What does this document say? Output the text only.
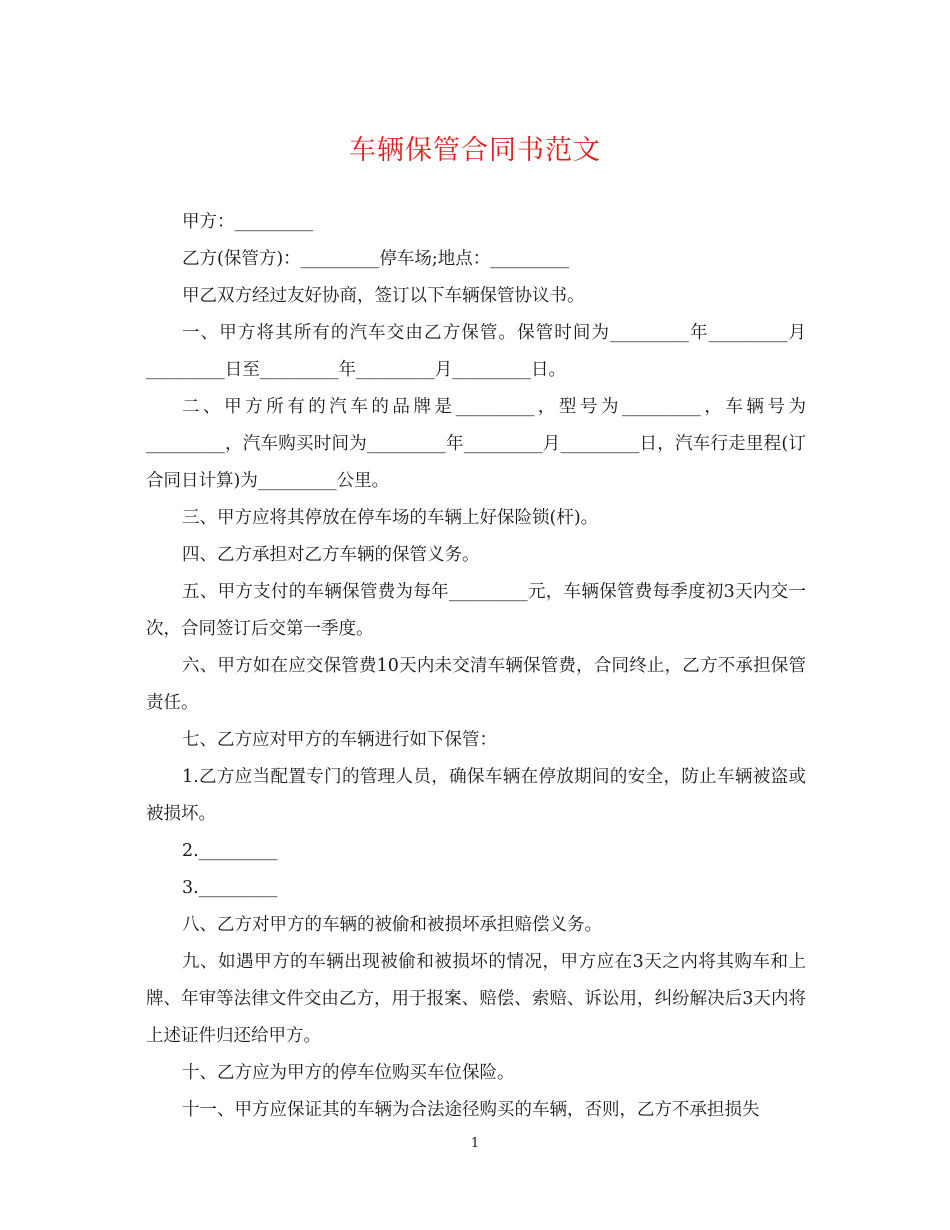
车辆保管合同书范文

甲方：_________

乙方(保管方)：_________停车场;地点：_________

甲乙双方经过友好协商，签订以下车辆保管协议书。

一、甲方将其所有的汽车交由乙方保管。保管时间为_________年_________月_________日至_________年_________月_________日。

二、甲方所有的汽车的品牌是_________，型号为_________，车辆号为_________，汽车购买时间为_________年_________月_________日，汽车行走里程(订合同日计算)为_________公里。

三、甲方应将其停放在停车场的车辆上好保险锁(杆)。

四、乙方承担对乙方车辆的保管义务。

五、甲方支付的车辆保管费为每年_________元，车辆保管费每季度初3天内交一次，合同签订后交第一季度。

六、甲方如在应交保管费10天内未交清车辆保管费，合同终止，乙方不承担保管责任。

七、乙方应对甲方的车辆进行如下保管：

1.乙方应当配置专门的管理人员，确保车辆在停放期间的安全，防止车辆被盗或被损坏。

2._________

3._________

八、乙方对甲方的车辆的被偷和被损坏承担赔偿义务。

九、如遇甲方的车辆出现被偷和被损坏的情况，甲方应在3天之内将其购车和上牌、年审等法律文件交由乙方，用于报案、赔偿、索赔、诉讼用，纠纷解决后3天内将上述证件归还给甲方。

十、乙方应为甲方的停车位购买车位保险。

十一、甲方应保证其的车辆为合法途径购买的车辆，否则，乙方不承担损失

1
